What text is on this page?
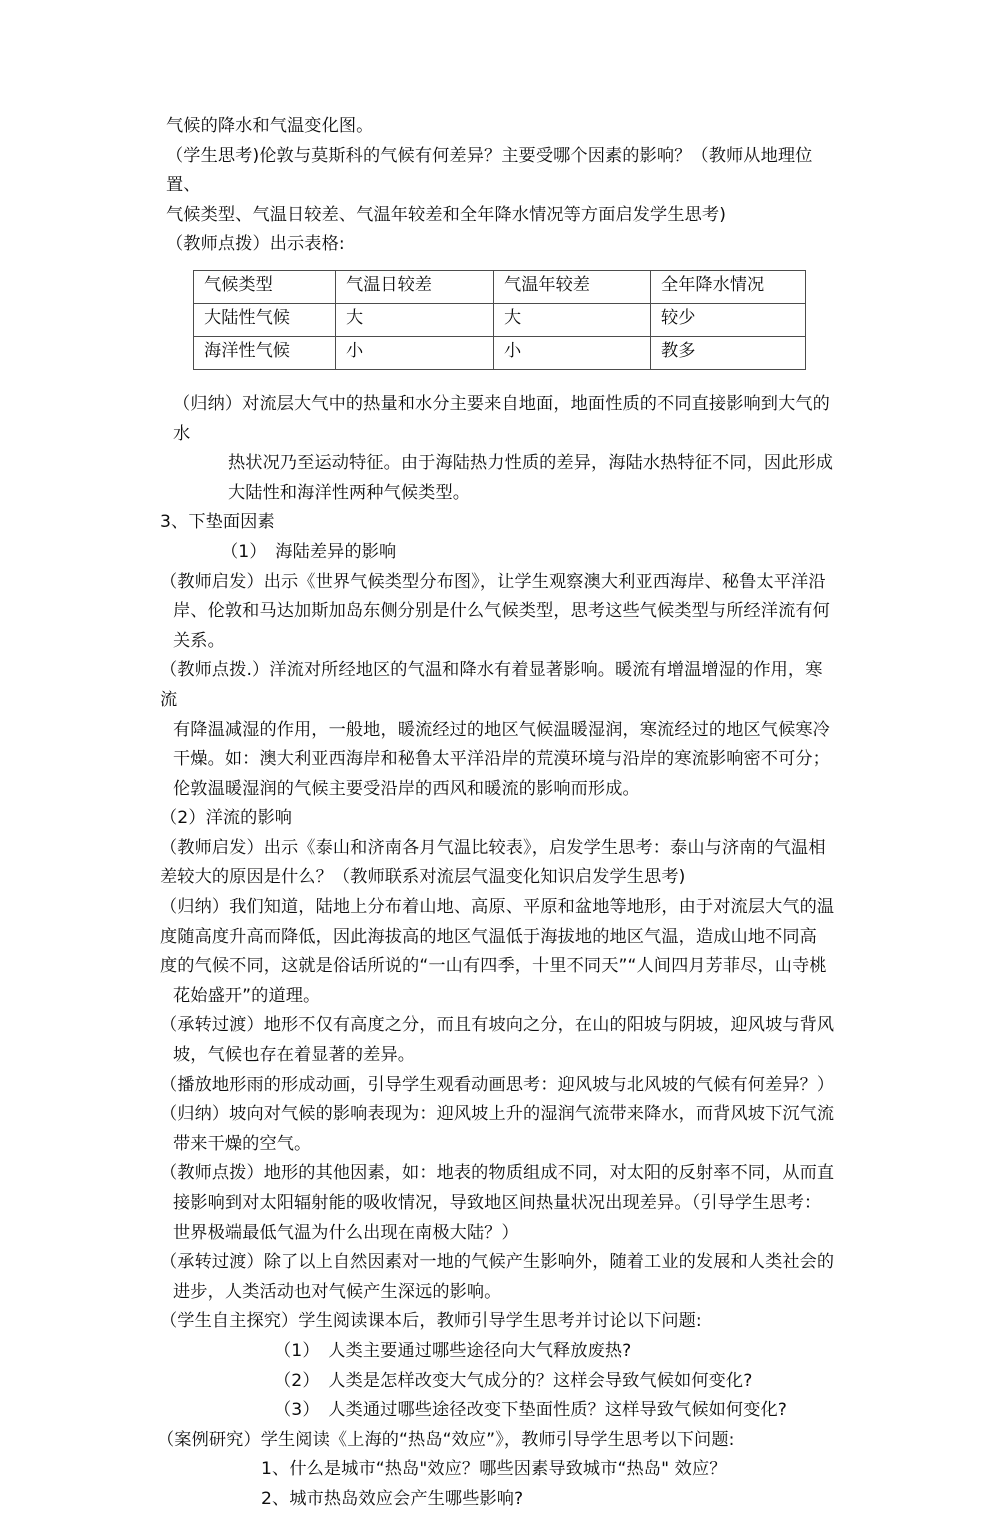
气候的降水和气温变化图。
（学生思考)伦敦与莫斯科的气候有何差异？主要受哪个因素的影响？（教师从地理位置、
气候类型、气温日较差、气温年较差和全年降水情况等方面启发学生思考)
（教师点拨）出示表格:
气候类型	气温日较差	气温年较差	全年降水情况
大陆性气候	大	大	较少
海洋性气候	小	小	教多
（归纳）对流层大气中的热量和水分主要来自地面，地面性质的不同直接影响到大气的水
热状况乃至运动特征。由于海陆热力性质的差异，海陆水热特征不同，因此形成
大陆性和海洋性两种气候类型。
3、下垫面因素
（1）　海陆差异的影响
（教师启发）出示《世界气候类型分布图》，让学生观察澳大利亚西海岸、秘鲁太平洋沿
岸、伦敦和马达加斯加岛东侧分别是什么气候类型，思考这些气候类型与所经洋流有何
关系。
（教师点拨.）洋流对所经地区的气温和降水有着显著影响。暖流有增温增湿的作用，寒流
有降温减湿的作用，一般地，暖流经过的地区气候温暖湿润，寒流经过的地区气候寒冷
干燥。如：澳大利亚西海岸和秘鲁太平洋沿岸的荒漠环境与沿岸的寒流影响密不可分；
伦敦温暖湿润的气候主要受沿岸的西风和暖流的影响而形成。
（2）洋流的影响
（教师启发）出示《泰山和济南各月气温比较表》，启发学生思考：泰山与济南的气温相
差较大的原因是什么？（教师联系对流层气温变化知识启发学生思考)
（归纳）我们知道，陆地上分布着山地、高原、平原和盆地等地形，由于对流层大气的温
度随高度升高而降低，因此海拔高的地区气温低于海拔地的地区气温，造成山地不同高
度的气候不同，这就是俗话所说的“一山有四季，十里不同天”“人间四月芳菲尽，山寺桃
花始盛开”的道理。
（承转过渡）地形不仅有高度之分，而且有坡向之分，在山的阳坡与阴坡，迎风坡与背风
坡，气候也存在着显著的差异。
（播放地形雨的形成动画，引导学生观看动画思考：迎风坡与北风坡的气候有何差异？）
（归纳）坡向对气候的影响表现为：迎风坡上升的湿润气流带来降水，而背风坡下沉气流
带来干燥的空气。
（教师点拨）地形的其他因素，如：地表的物质组成不同，对太阳的反射率不同，从而直
接影响到对太阳辐射能的吸收情况，导致地区间热量状况出现差异。（引导学生思考：
世界极端最低气温为什么出现在南极大陆？）
（承转过渡）除了以上自然因素对一地的气候产生影响外，随着工业的发展和人类社会的
进步，人类活动也对气候产生深远的影响。
（学生自主探究）学生阅读课本后，教师引导学生思考并讨论以下问题:
（1）　人类主要通过哪些途径向大气释放废热?
（2）　人类是怎样改变大气成分的？这样会导致气候如何变化?
（3）　人类通过哪些途径改变下垫面性质？这样导致气候如何变化?
（案例研究）学生阅读《上海的“热岛“效应”》，教师引导学生思考以下问题:
1、什么是城市“热岛"效应？哪些因素导致城市“热岛" 效应？
2、城市热岛效应会产生哪些影响?
